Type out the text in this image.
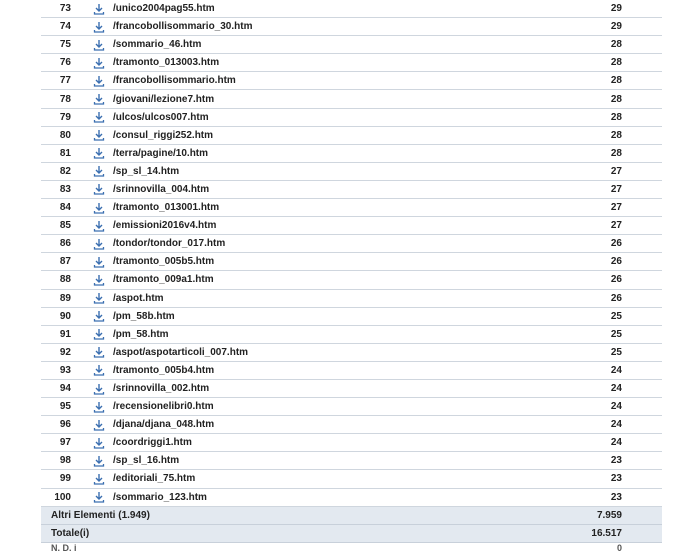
73	/unico2004pag55.htm	29
74	/francobollisommario_30.htm	29
75	/sommario_46.htm	28
76	/tramonto_013003.htm	28
77	/francobollisommario.htm	28
78	/giovani/lezione7.htm	28
79	/ulcos/ulcos007.htm	28
80	/consul_riggi252.htm	28
81	/terra/pagine/10.htm	28
82	/sp_sl_14.htm	27
83	/srinnovilla_004.htm	27
84	/tramonto_013001.htm	27
85	/emissioni2016v4.htm	27
86	/tondor/tondor_017.htm	26
87	/tramonto_005b5.htm	26
88	/tramonto_009a1.htm	26
89	/aspot.htm	26
90	/pm_58b.htm	25
91	/pm_58.htm	25
92	/aspot/aspotarticoli_007.htm	25
93	/tramonto_005b4.htm	24
94	/srinnovilla_002.htm	24
95	/recensionelibri0.htm	24
96	/djana/djana_048.htm	24
97	/coordriggi1.htm	24
98	/sp_sl_16.htm	23
99	/editoriali_75.htm	23
100	/sommario_123.htm	23
Altri Elementi (1.949)	7.959
Totale(i)	16.517
N. D. i	0
